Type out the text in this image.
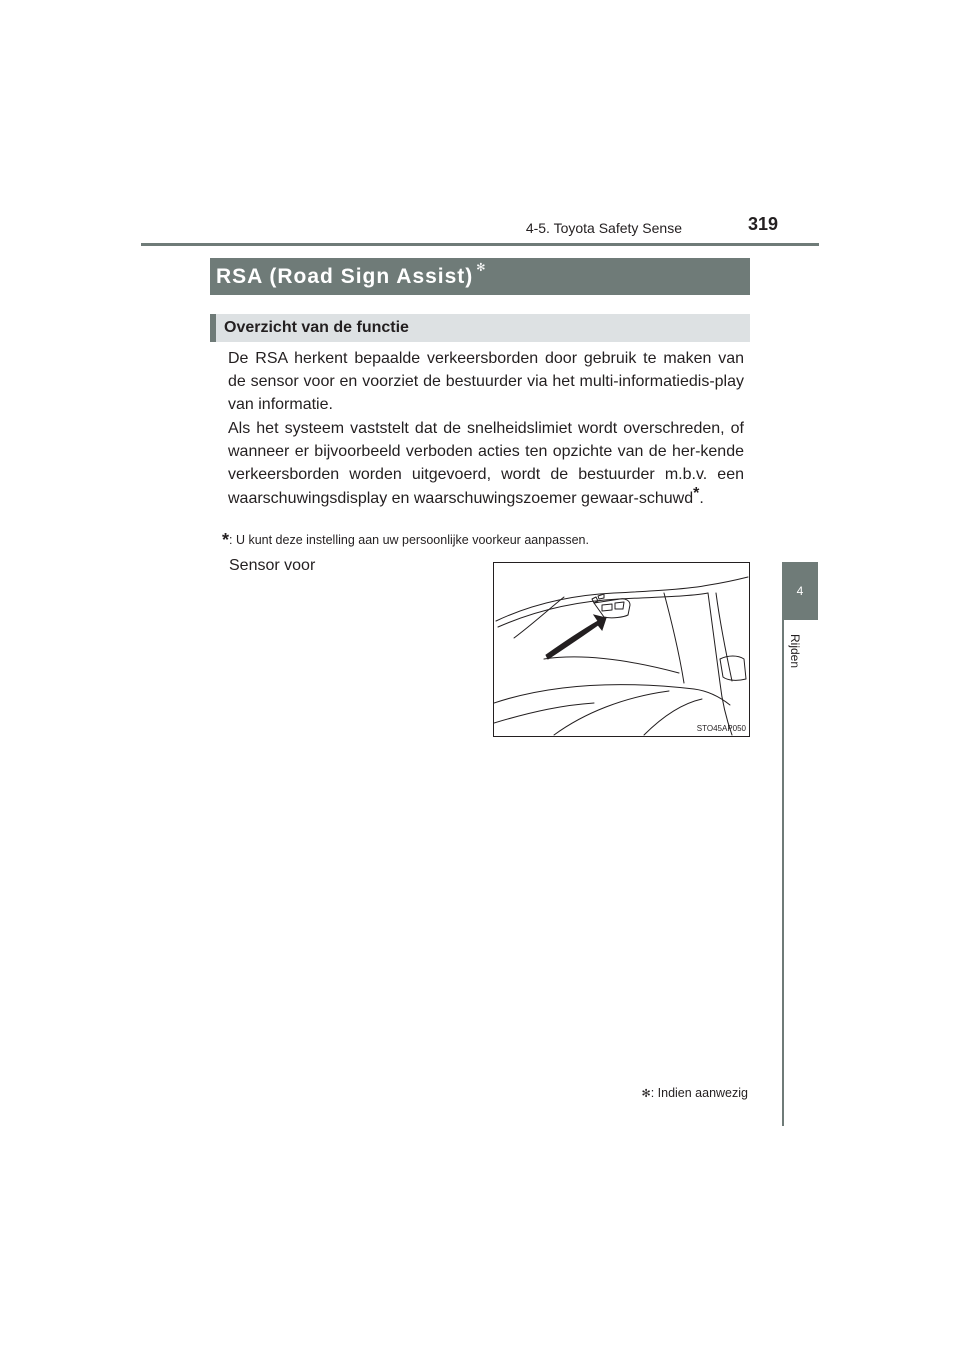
4-5. Toyota Safety Sense	319
4
Rijden
RSA (Road Sign Assist) ✻
Overzicht van de functie

De RSA herkent bepaalde verkeersborden door gebruik te maken van de sensor voor en voorziet de bestuurder via het multi-informatiedis-play van informatie.

Als het systeem vaststelt dat de snelheidslimiet wordt overschreden, of wanneer er bijvoorbeeld verboden acties ten opzichte van de her-kende verkeersborden worden uitgevoerd, wordt de bestuurder m.b.v. een waarschuwingsdisplay en waarschuwingszoemer gewaar-schuwd*.

*: U kunt deze instelling aan uw persoonlijke voorkeur aanpassen.
Sensor voor
STO45AP050
✻: Indien aanwezig
